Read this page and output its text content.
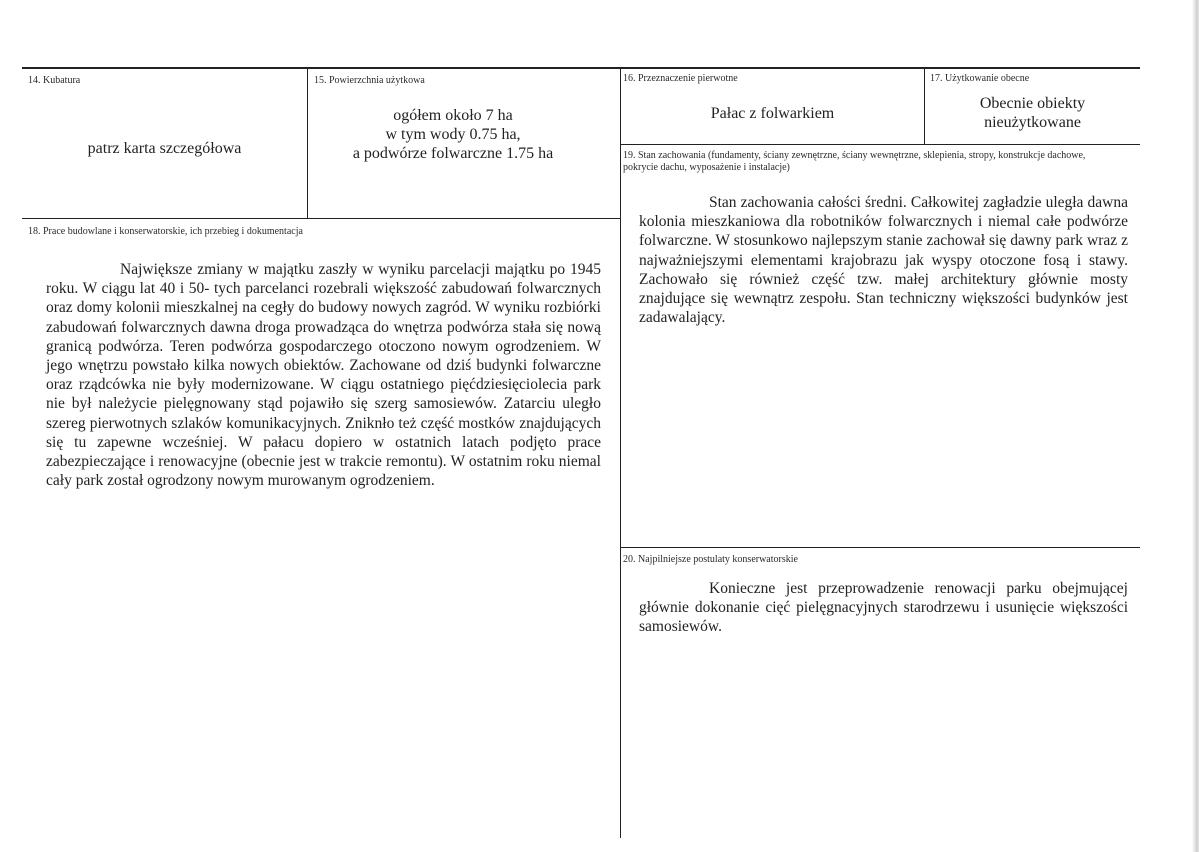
14. Kubatura
patrz karta szczegółowa
15. Powierzchnia użytkowa
ogółem około 7 ha
w tym wody 0.75 ha,
a podwórze folwarczne 1.75 ha
16. Przeznaczenie pierwotne
Pałac z folwarkiem
17. Użytkowanie obecne
Obecnie obiekty
nieużytkowane
18. Prace budowlane i konserwatorskie, ich przebieg i dokumentacja

Największe zmiany w majątku zaszły w wyniku parcelacji majątku po 1945 roku. W ciągu lat 40 i 50- tych parcelanci rozebrali większość zabudowań folwarcznych oraz domy kolonii mieszkalnej na cegły do budowy nowych zagród. W wyniku rozbiórki zabudowań folwarcznych dawna droga prowadząca do wnętrza podwórza stała się nową granicą podwórza. Teren podwórza gospodarczego otoczono nowym ogrodzeniem. W jego wnętrzu powstało kilka nowych obiektów. Zachowane od dziś budynki folwarczne oraz rządcówka nie były modernizowane. W ciągu ostatniego pięćdziesięciolecia park nie był należycie pielęgnowany stąd pojawiło się szerg samosiewów. Zatarciu uległo szereg pierwotnych szlaków komunikacyjnych. Zniknło też część mostków znajdujących się tu zapewne wcześniej. W pałacu dopiero w ostatnich latach podjęto prace zabezpieczające i renowacyjne (obecnie jest w trakcie remontu). W ostatnim roku niemal cały park został ogrodzony nowym murowanym ogrodzeniem.

19. Stan zachowania (fundamenty, ściany zewnętrzne, ściany wewnętrzne, sklepienia, stropy, konstrukcje dachowe, pokrycie dachu, wyposażenie i instalacje)

Stan zachowania całości średni. Całkowitej zagładzie uległa dawna kolonia mieszkaniowa dla robotników folwarcznych i niemal całe podwórze folwarczne. W stosunkowo najlepszym stanie zachował się dawny park wraz z najważniejszymi elementami krajobrazu jak wyspy otoczone fosą i stawy. Zachowało się również część tzw. małej architektury głównie mosty znajdujące się wewnątrz zespołu. Stan techniczny większości budynków jest zadawalający.

20. Najpilniejsze postulaty konserwatorskie

Konieczne jest przeprowadzenie renowacji parku obejmującej głównie dokonanie cięć pielęgnacyjnych starodrzewu i usunięcie większości samosiewów.
